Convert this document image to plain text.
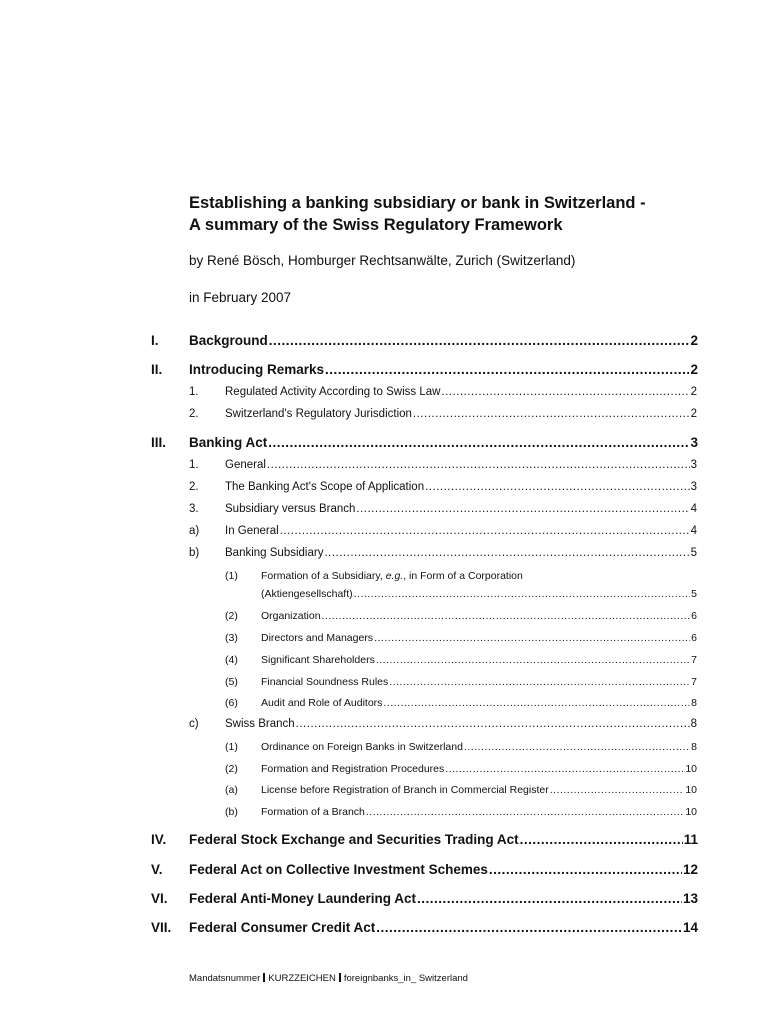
Establishing a banking subsidiary or bank in Switzerland -
A summary of the Swiss Regulatory Framework
by René Bösch, Homburger Rechtsanwälte, Zurich (Switzerland)
in February 2007
I. Background .....	2
II. Introducing Remarks .....	2
1. Regulated Activity According to Swiss Law .....	2
2. Switzerland's Regulatory Jurisdiction .....	2
III. Banking Act .....	3
1. General .....	3
2. The Banking Act's Scope of Application .....	3
3. Subsidiary versus Branch .....	4
a) In General .....	4
b) Banking Subsidiary .....	5
(1) Formation of a Subsidiary, e.g., in Form of a Corporation
(Aktiengesellschaft) .....	5
(2) Organization .....	6
(3) Directors and Managers .....	6
(4) Significant Shareholders .....	7
(5) Financial Soundness Rules .....	7
(6) Audit and Role of Auditors .....	8
c) Swiss Branch .....	8
(1) Ordinance on Foreign Banks in Switzerland .....	8
(2) Formation and Registration Procedures .....	10
(a) License before Registration of Branch in Commercial Register .....	10
(b) Formation of a Branch .....	10
IV. Federal Stock Exchange and Securities Trading Act .....	11
V. Federal Act on Collective Investment Schemes .....	12
VI. Federal Anti-Money Laundering Act .....	13
VII. Federal Consumer Credit Act .....	14
Mandatsnummer KURZZEICHEN foreignbanks_in_ Switzerland
